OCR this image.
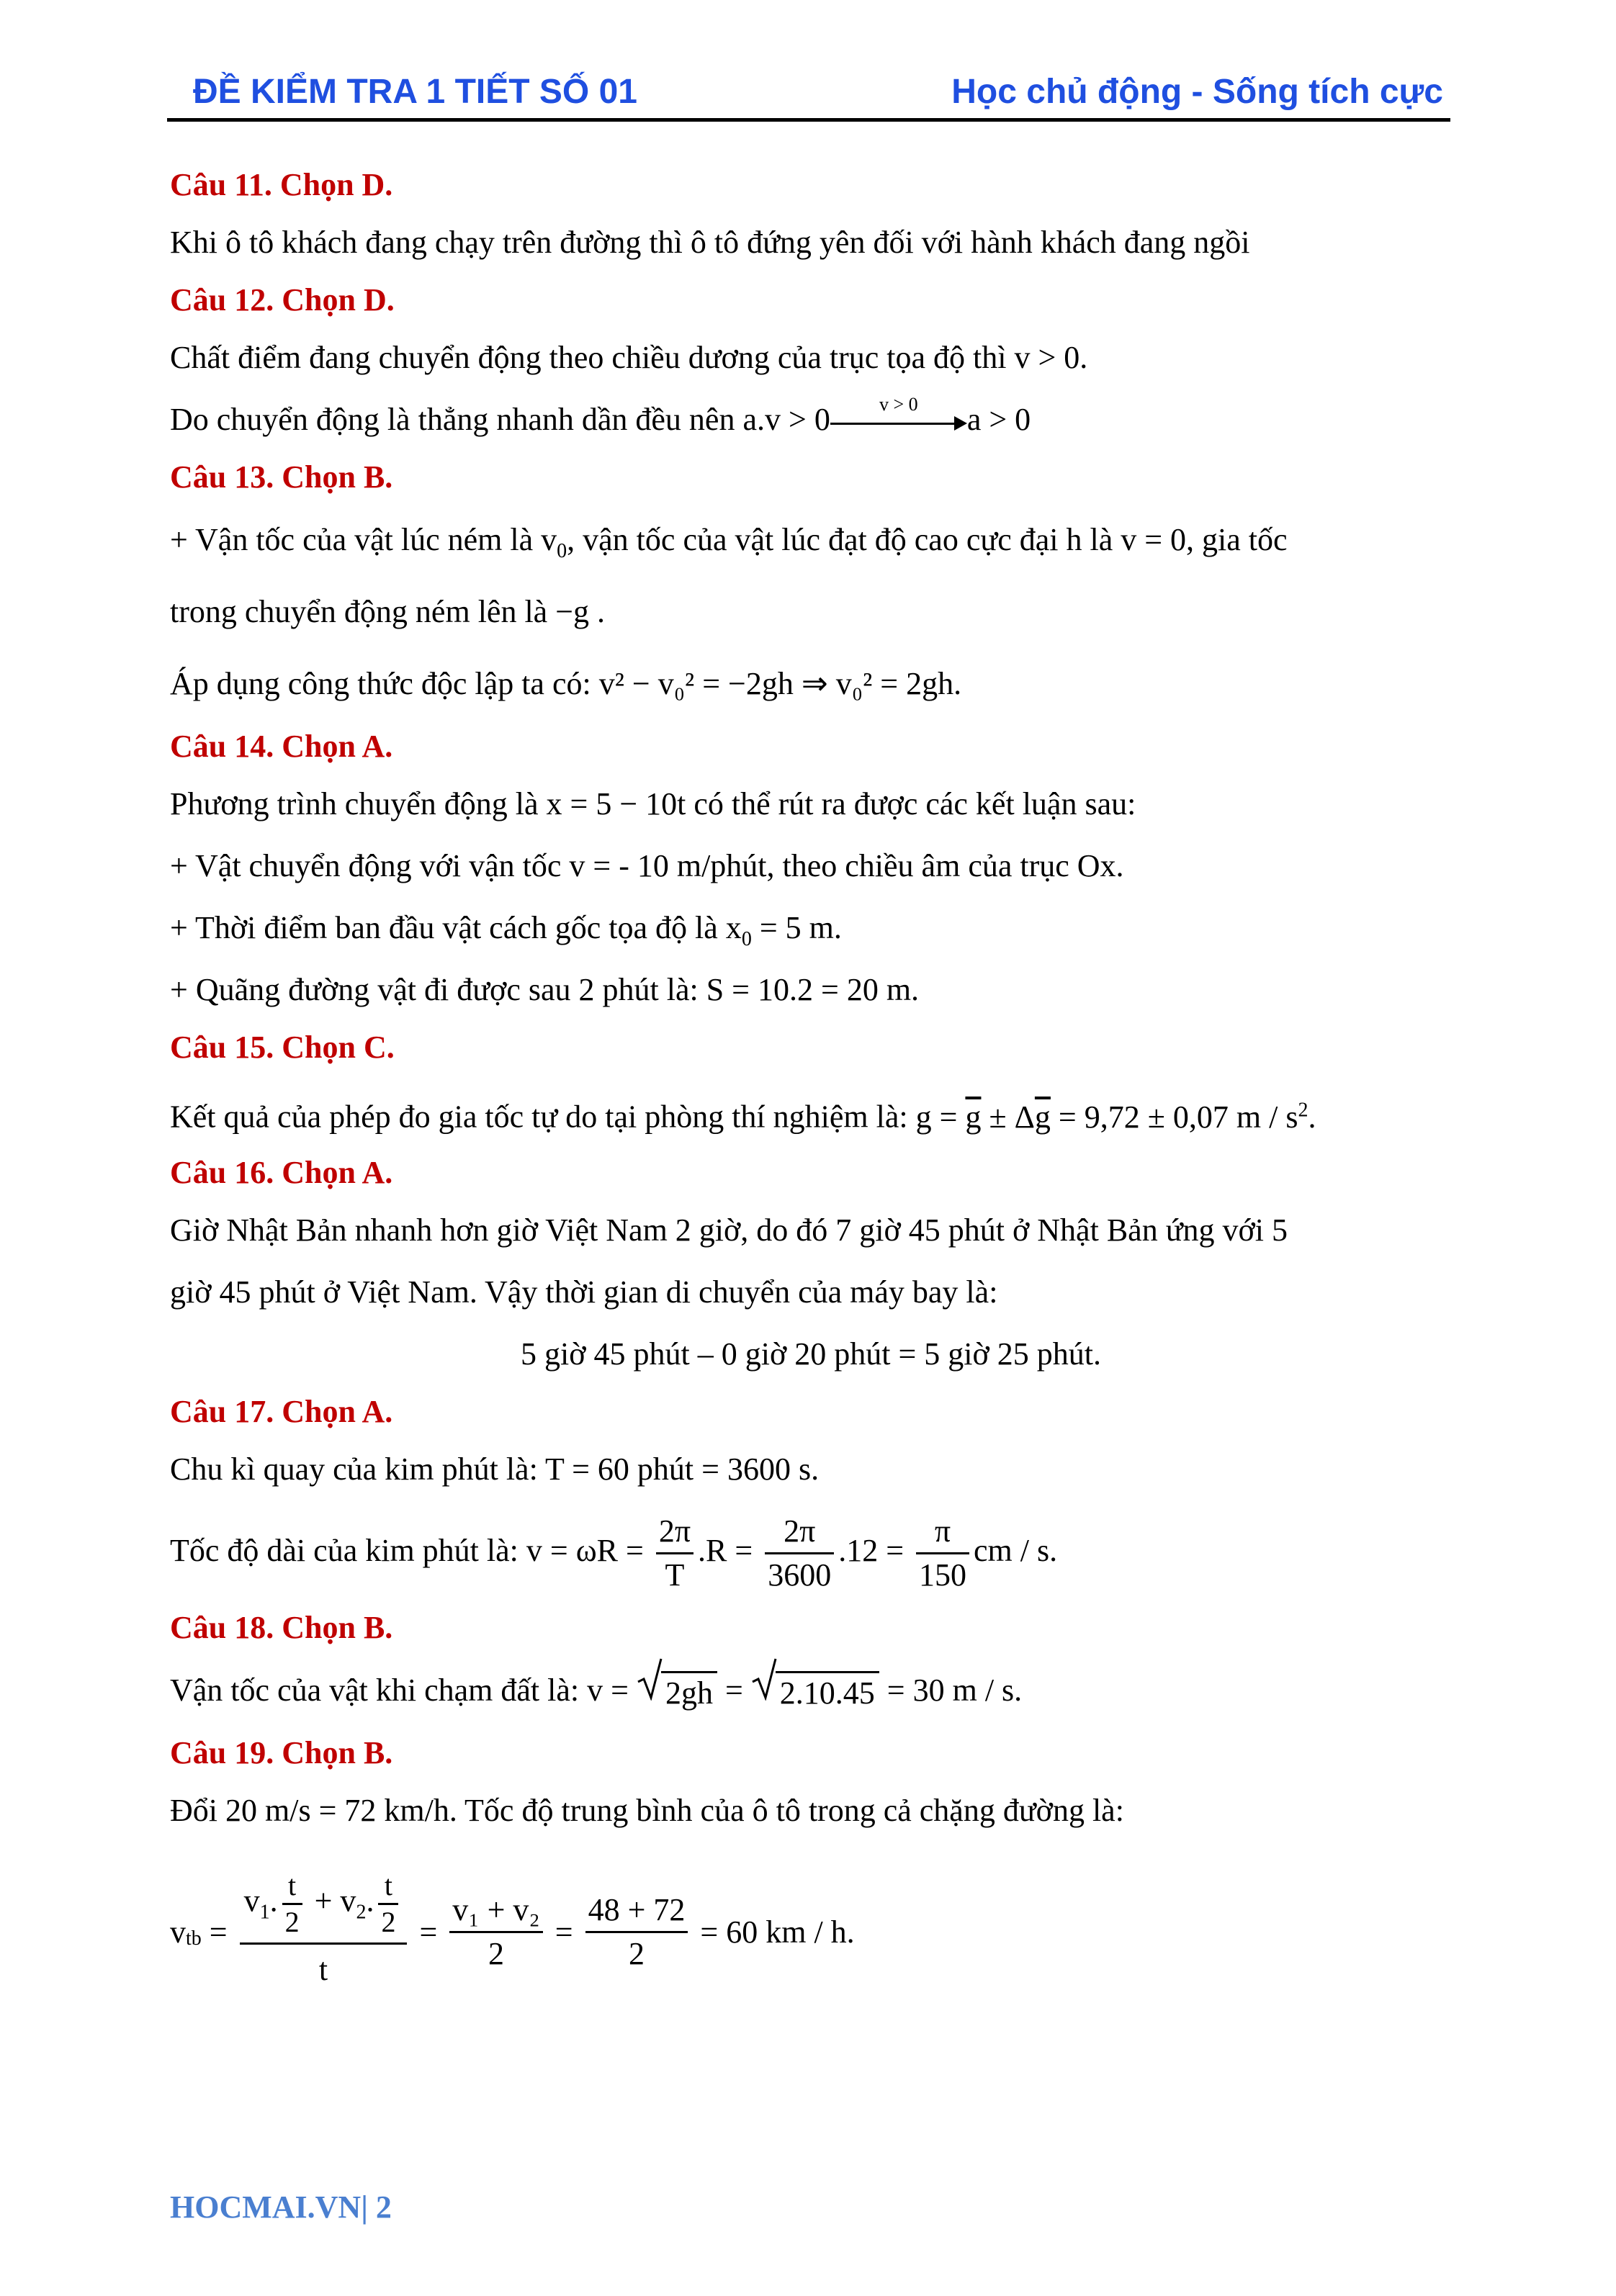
ĐỀ KIỂM TRA 1 TIẾT SỐ 01	Học chủ động - Sống tích cực
Câu 11. Chọn D.
Khi ô tô khách đang chạy trên đường thì ô tô đứng yên đối với hành khách đang ngồi
Câu 12. Chọn D.
Chất điểm đang chuyển động theo chiều dương của trục tọa độ thì v > 0.
Do chuyển động là thẳng nhanh dần đều nên a.v > 0	v > 0	a > 0
Câu 13. Chọn B.
+ Vận tốc của vật lúc ném là $v_0$, vận tốc của vật lúc đạt độ cao cực đại h là v = 0, gia tốc
trong chuyển động ném lên là −g .
Áp dụng công thức độc lập ta có: v² − v₀² = −2gh ⇒ v₀² = 2gh.
Câu 14. Chọn A.
Phương trình chuyển động là x = 5 − 10t có thể rút ra được các kết luận sau:
+ Vật chuyển động với vận tốc v = - 10 m/phút, theo chiều âm của trục Ox.
+ Thời điểm ban đầu vật cách gốc tọa độ là $x_0 = 5$ m.
+ Quãng đường vật đi được sau 2 phút là: S = 10.2 = 20 m.
Câu 15. Chọn C.
Kết quả của phép đo gia tốc tự do tại phòng thí nghiệm là: $g = \overline{g} \pm \Delta\overline{g} = 9,72 \pm 0,07$ m / $s^2$.
Câu 16. Chọn A.
Giờ Nhật Bản nhanh hơn giờ Việt Nam 2 giờ, do đó 7 giờ 45 phút ở Nhật Bản ứng với 5
giờ 45 phút ở Việt Nam. Vậy thời gian di chuyển của máy bay là:
5 giờ 45 phút – 0 giờ 20 phút = 5 giờ 25 phút.
Câu 17. Chọn A.
Chu kì quay của kim phút là: T = 60 phút = 3600 s.
Tốc độ dài của kim phút là: $v = \omega R = \frac{2\pi}{T} .R = \frac{2\pi}{3600} .12 = \frac{\pi}{150}$ cm / s.
Câu 18. Chọn B.
Vận tốc của vật khi chạm đất là: v =
2gh =
2.10.45 = 30 m / s.
Câu 19. Chọn B.
Đổi 20 m/s = 72 km/h. Tốc độ trung bình của ô tô trong cả chặng đường là:
$v_{tb} = \frac{v_1. \frac{t}{2} + v_2. \frac{t}{2}}{t} = \frac{\text{v₁ + v₂}}{2} = \frac{48 + 72}{2} = 60$ km / h.
HOCMAI.VN| 2
